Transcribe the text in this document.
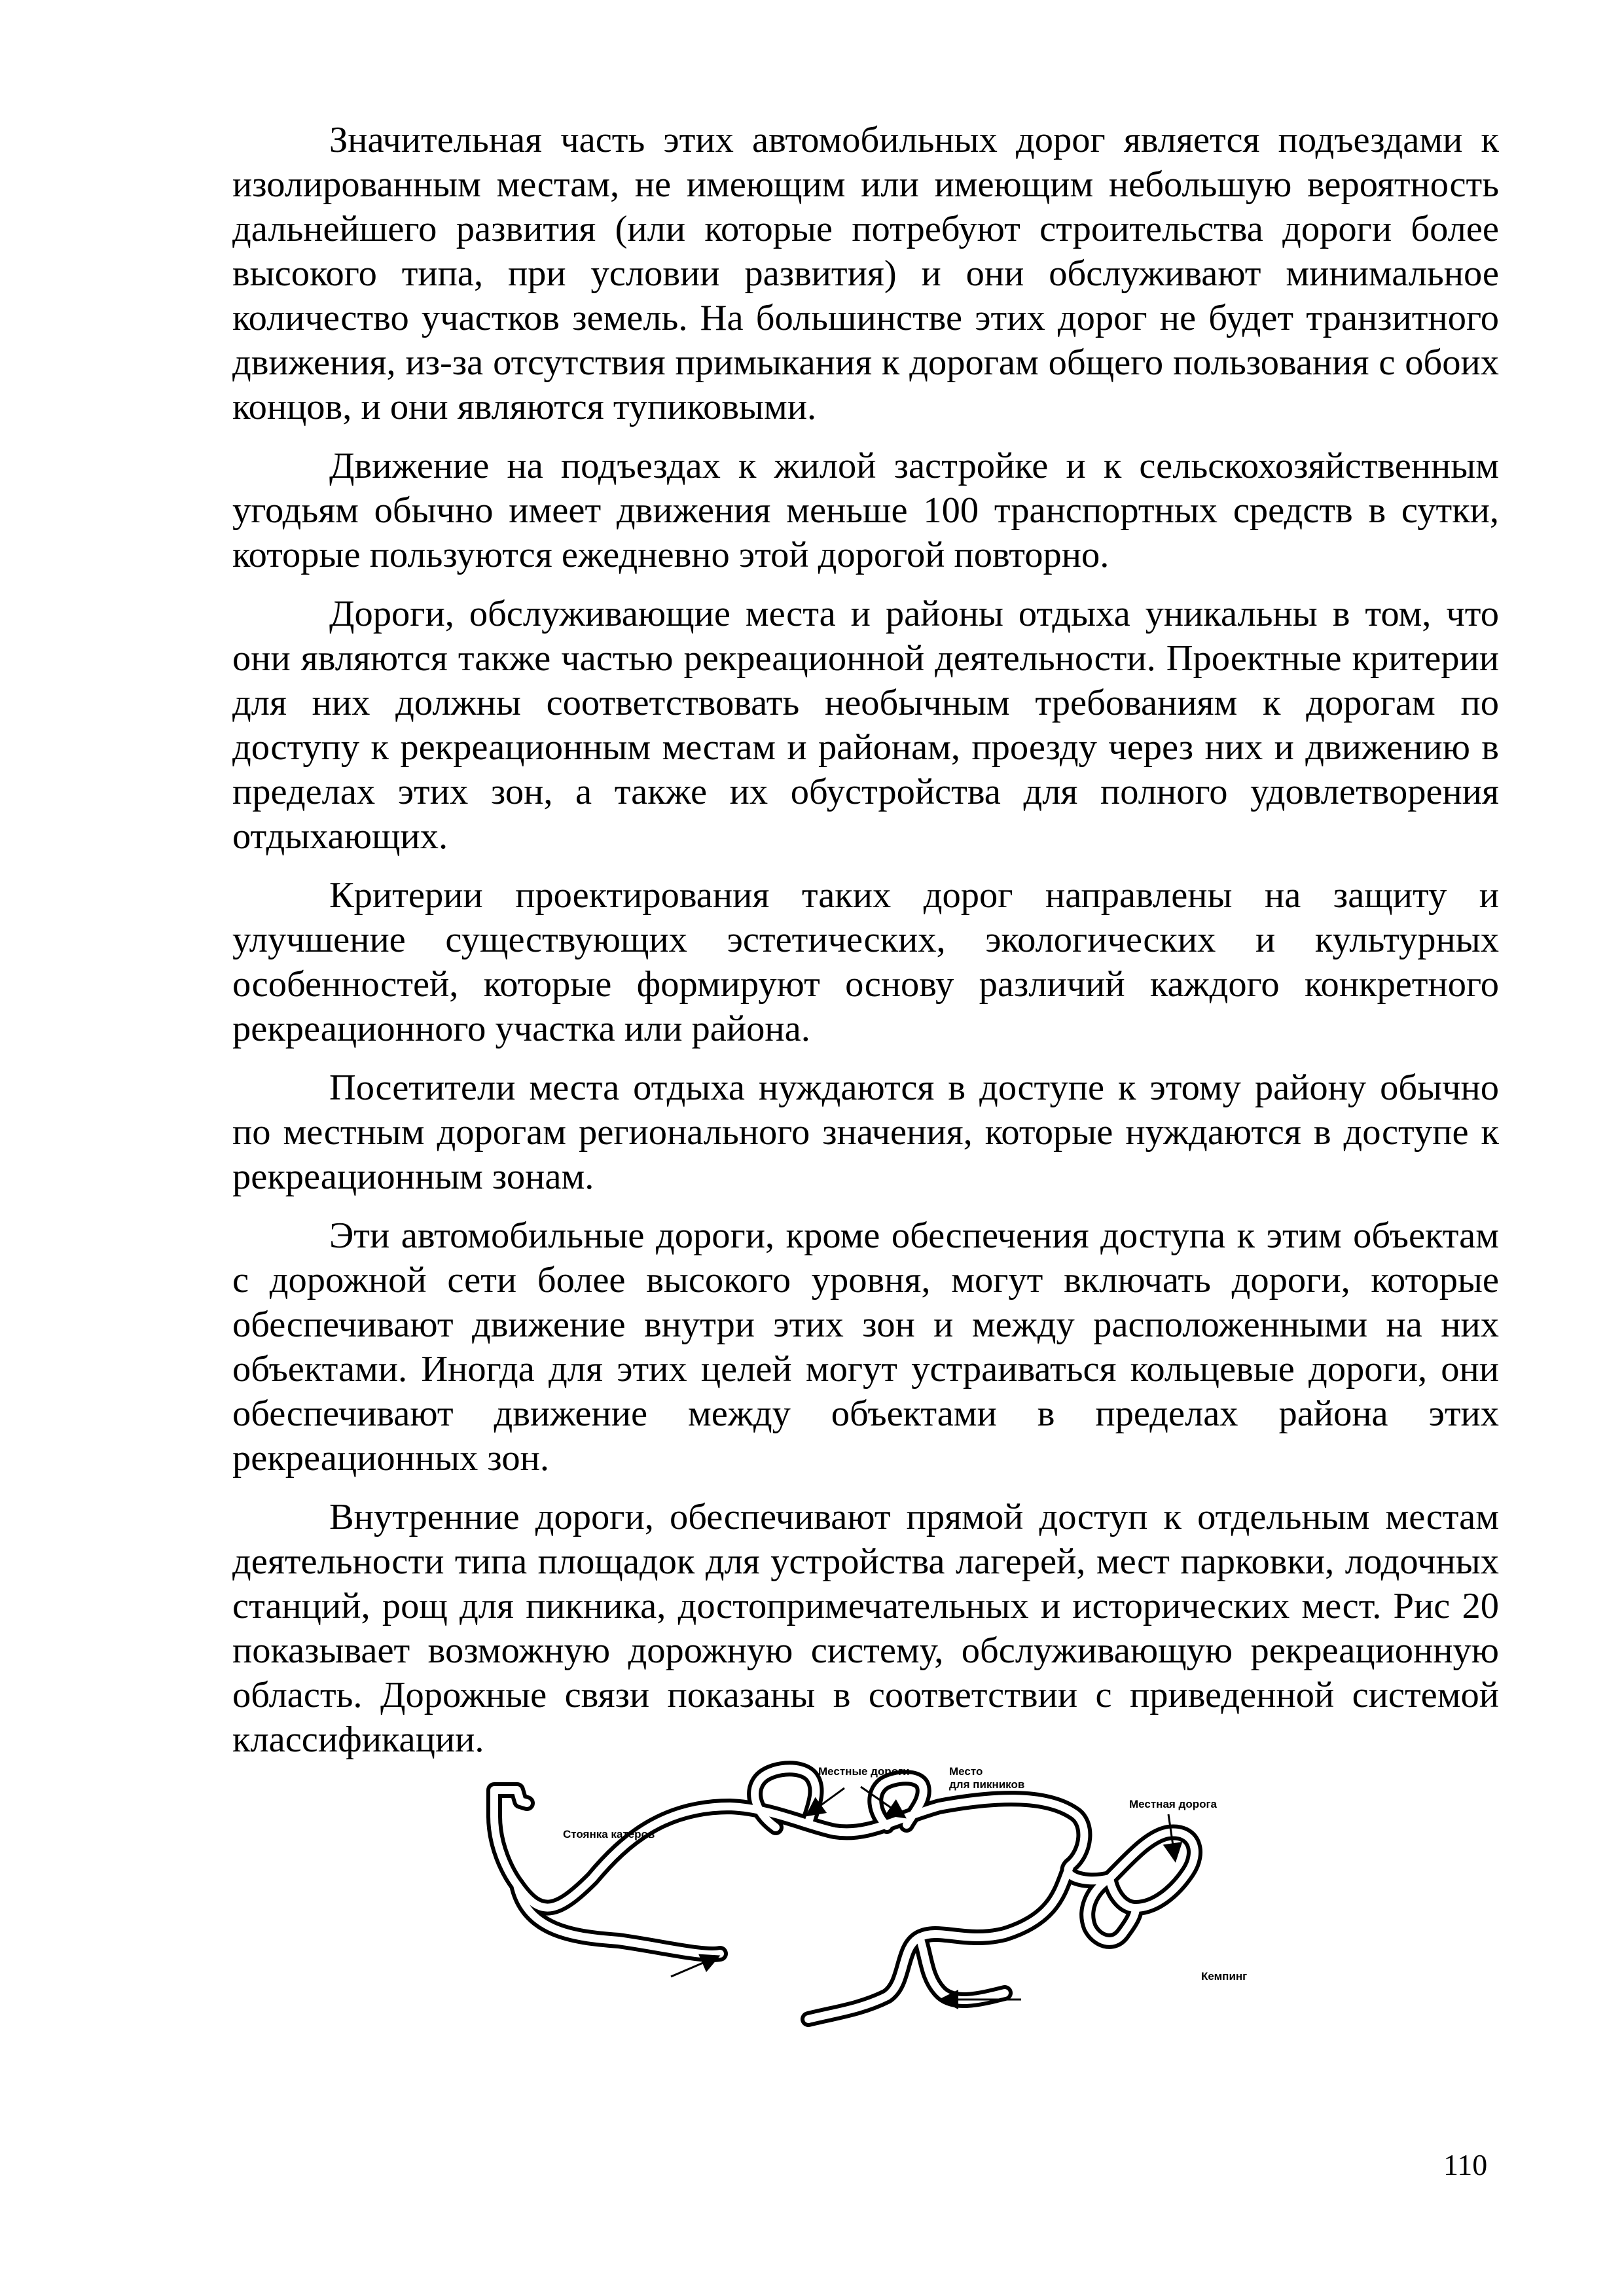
Значительная часть этих автомобильных дорог является подъездами к изолированным местам, не имеющим или имеющим небольшую вероятность дальнейшего развития (или которые потребуют строительства дороги более высокого типа, при условии развития) и они обслуживают минимальное количество участков земель. На большинстве этих дорог не будет транзитного движения, из-за отсутствия примыкания к дорогам общего пользования с обоих концов, и они являются тупиковыми.

Движение на подъездах к жилой застройке и к сельскохозяйственным угодьям обычно имеет движения меньше 100 транспортных средств в сутки, которые пользуются ежедневно этой дорогой повторно.

Дороги, обслуживающие места и районы отдыха уникальны в том, что они являются также частью рекреационной деятельности. Проектные критерии для них должны соответствовать необычным требованиям к дорогам по доступу к рекреационным местам и районам, проезду через них и движению в пределах этих зон, а также их обустройства для полного удовлетворения отдыхающих.

Критерии проектирования таких дорог направлены на защиту и улучшение существующих эстетических, экологических и культурных особенностей, которые формируют основу различий каждого конкретного рекреационного участка или района.

Посетители места отдыха нуждаются в доступе к этому району обычно по местным дорогам регионального значения, которые нуждаются в доступе к рекреационным зонам.

Эти автомобильные дороги, кроме обеспечения доступа к этим объектам с дорожной сети более высокого уровня, могут включать дороги, которые обеспечивают движение внутри этих зон и между расположенными на них объектами. Иногда для этих целей могут устраиваться кольцевые дороги, они обеспечивают движение между объектами в пределах района этих рекреационных зон.

Внутренние дороги, обеспечивают прямой доступ к отдельным местам деятельности типа площадок для устройства лагерей, мест парковки, лодочных станций, рощ для пикника, достопримечательных и исторических мест. Рис 20 показывает возможную дорожную систему, обслуживающую рекреационную область. Дорожные связи показаны в соответствии с приведенной системой классификации.

Местные дороги	Место
для пикников
Местная дорога
Стоянка катеров
Кемпинг
110
